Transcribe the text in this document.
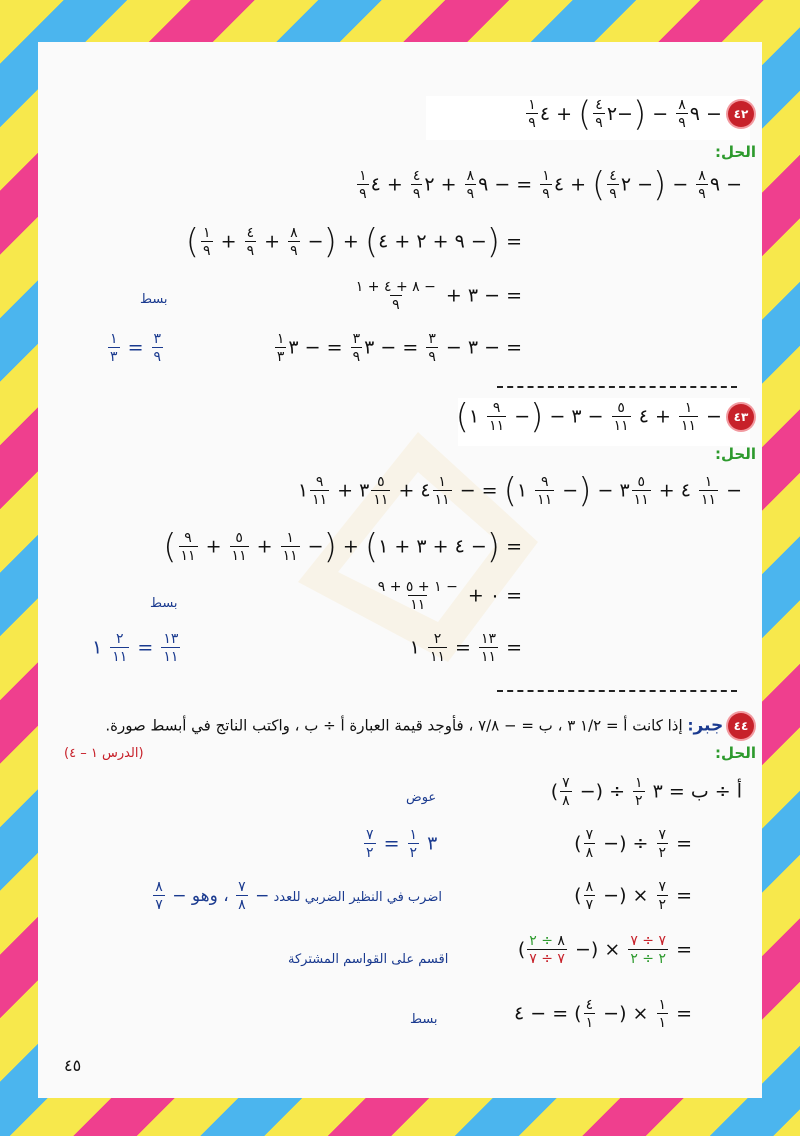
٤٢ − ٩
$\frac{٨}{٩}$
− (−٢
$\frac{٤}{٩}$
) + ٤
$\frac{١}{٩}$
الحل:
− ٩
$\frac{٨}{٩}$
− (− ٢
$\frac{٤}{٩}$
) + ٤
$\frac{١}{٩}$
= − ٩
$\frac{٨}{٩}$
+ ٢
$\frac{٤}{٩}$
+ ٤
$\frac{١}{٩}$
= (− ٩ + ٢ + ٤) + (−
$\frac{٨}{٩}$
+
$\frac{٤}{٩}$
+
$\frac{١}{٩}$
)
= − ٣ +
$\frac{- ٨ + ٤ + ١}{٩}$
بسط
= − ٣ −
$\frac{٣}{٩}$
= − ٣
$\frac{٣}{٩}$
= − ٣
$\frac{١}{٣}$
$\frac{٣}{٩}$
=
$\frac{١}{٣}$
٤٣ −
$\frac{١}{١١}$
+ ٤
$\frac{٥}{١١}$
− ٣ − (−
$\frac{٩}{١١}$
١)
الحل:
−
$\frac{١}{١١}$
٤ +
$\frac{٥}{١١}$
٣ − (−
$\frac{٩}{١١}$
١) = −
$\frac{١}{١١}$
٤ +
$\frac{٥}{١١}$
٣ +
$\frac{٩}{١١}$
١
= (− ٤ + ٣ + ١) + (−
$\frac{١}{١١}$
+
$\frac{٥}{١١}$
+
$\frac{٩}{١١}$
)
= ٠ +
$\frac{- ١ + ٥ + ٩}{١١}$
بسط
=
$\frac{١٣}{١١}$
=
$\frac{٢}{١١}$
١
$\frac{١٣}{١١}$
=
$\frac{٢}{١١}$
١
٤٤ جبر: إذا كانت أ = ١/٢ ٣ ، ب = − ٧/٨ ، فأوجد قيمة العبارة أ ÷ ب ، واكتب الناتج في أبسط صورة.
(الدرس ١ – ٤)	الحل:
أ ÷ ب = ٣
$\frac{١}{٢}$
÷ (−
$\frac{٧}{٨}$
)
عوض
=
$\frac{٧}{٢}$
÷ (−
$\frac{٧}{٨}$
)
٣
$\frac{١}{٢}$
=
$\frac{٧}{٢}$
=
$\frac{٧}{٢}$
× (−
$\frac{٨}{٧}$
)
اضرب في النظير الضربي للعدد −
$\frac{٧}{٨}$
، وهو −
$\frac{٨}{٧}$
=
$\frac{٧ \div ٧}{٢ \div ٢}$
× (−
$\frac{٨ \div ٢}{٧ \div ٧}$
)
اقسم على القواسم المشتركة
=
$\frac{١}{١}$
× (−
$\frac{٤}{١}$
) = − ٤
بسط
٤٥
